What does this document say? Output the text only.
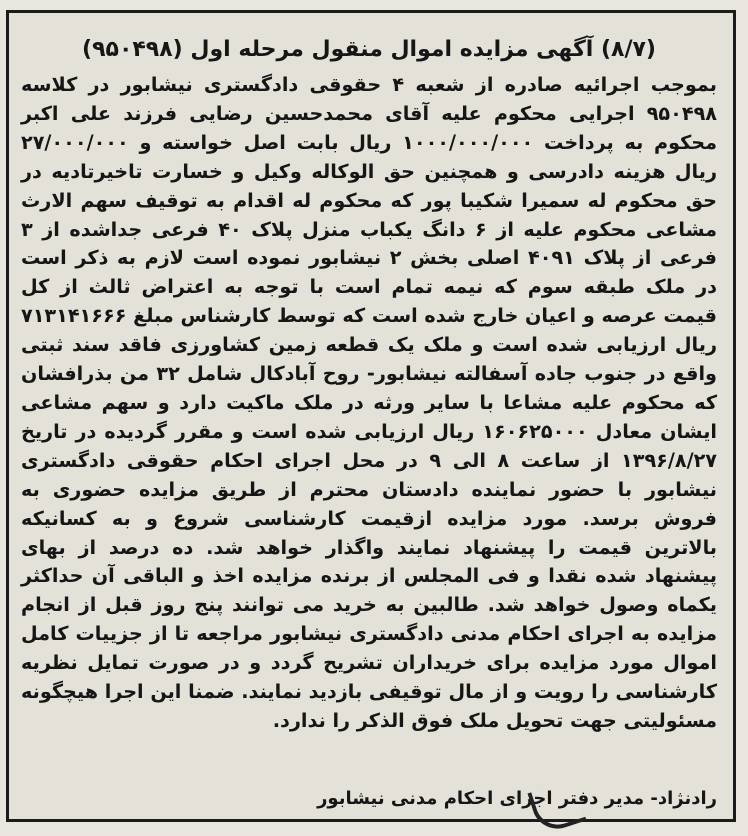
(۸/۷) آگهی مزایده اموال منقول مرحله اول (۹۵۰۴۹۸)
بموجب اجرائیه صادره از شعبه ۴ حقوقی دادگستری نیشابور در کلاسه ۹۵۰۴۹۸ اجرایی محکوم علیه آقای محمدحسین رضایی فرزند علی اکبر محکوم به پرداخت ۱۰۰۰/۰۰۰/۰۰۰ ریال بابت اصل خواسته و ۲۷/۰۰۰/۰۰۰ ریال هزینه دادرسی و همچنین حق الوکاله وکیل و خسارت تاخیرتادیه در حق محکوم له سمیرا شکیبا پور که محکوم له اقدام به توقیف سهم الارث مشاعی محکوم علیه از ۶ دانگ یکباب منزل پلاک ۴۰ فرعی جداشده از ۳ فرعی از پلاک ۴۰۹۱ اصلی بخش ۲ نیشابور نموده است لازم به ذکر است در ملک طبقه سوم که نیمه تمام است با توجه به اعتراض ثالث از کل قیمت عرصه و اعیان خارج شده است که توسط کارشناس مبلغ ۷۱۳۱۴۱۶۶۶ ریال ارزیابی شده است و ملک یک قطعه زمین کشاورزی فاقد سند ثبتی واقع در جنوب جاده آسفالته نیشابور- روح آبادکال شامل ۳۲ من بذرافشان که محکوم علیه مشاعا با سایر ورثه در ملک ماکیت دارد و سهم مشاعی ایشان معادل ۱۶۰۶۲۵۰۰۰ ریال ارزیابی شده است و مقرر گردیده در تاریخ ۱۳۹۶/۸/۲۷ از ساعت ۸ الی ۹ در محل اجرای احکام حقوقی دادگستری نیشابور با حضور نماینده دادستان محترم از طریق مزایده حضوری به فروش برسد. مورد مزایده ازقیمت کارشناسی شروع و به کسانیکه بالاترین قیمت را پیشنهاد نمایند واگذار خواهد شد. ده درصد از بهای پیشنهاد شده نقدا و فی المجلس از برنده مزایده اخذ و الباقی آن حداکثر یکماه وصول خواهد شد. طالبین به خرید می توانند پنج روز قبل از انجام مزایده به اجرای احکام مدنی دادگستری نیشابور مراجعه تا از جزییات کامل اموال مورد مزایده برای خریداران تشریح گردد و در صورت تمایل نظریه کارشناسی را رویت و از مال توقیفی بازدید نمایند. ضمنا این اجرا هیچگونه مسئولیتی جهت تحویل ملک فوق الذکر را ندارد.
رادنژاد- مدیر دفتر اجرای احکام مدنی نیشابور
